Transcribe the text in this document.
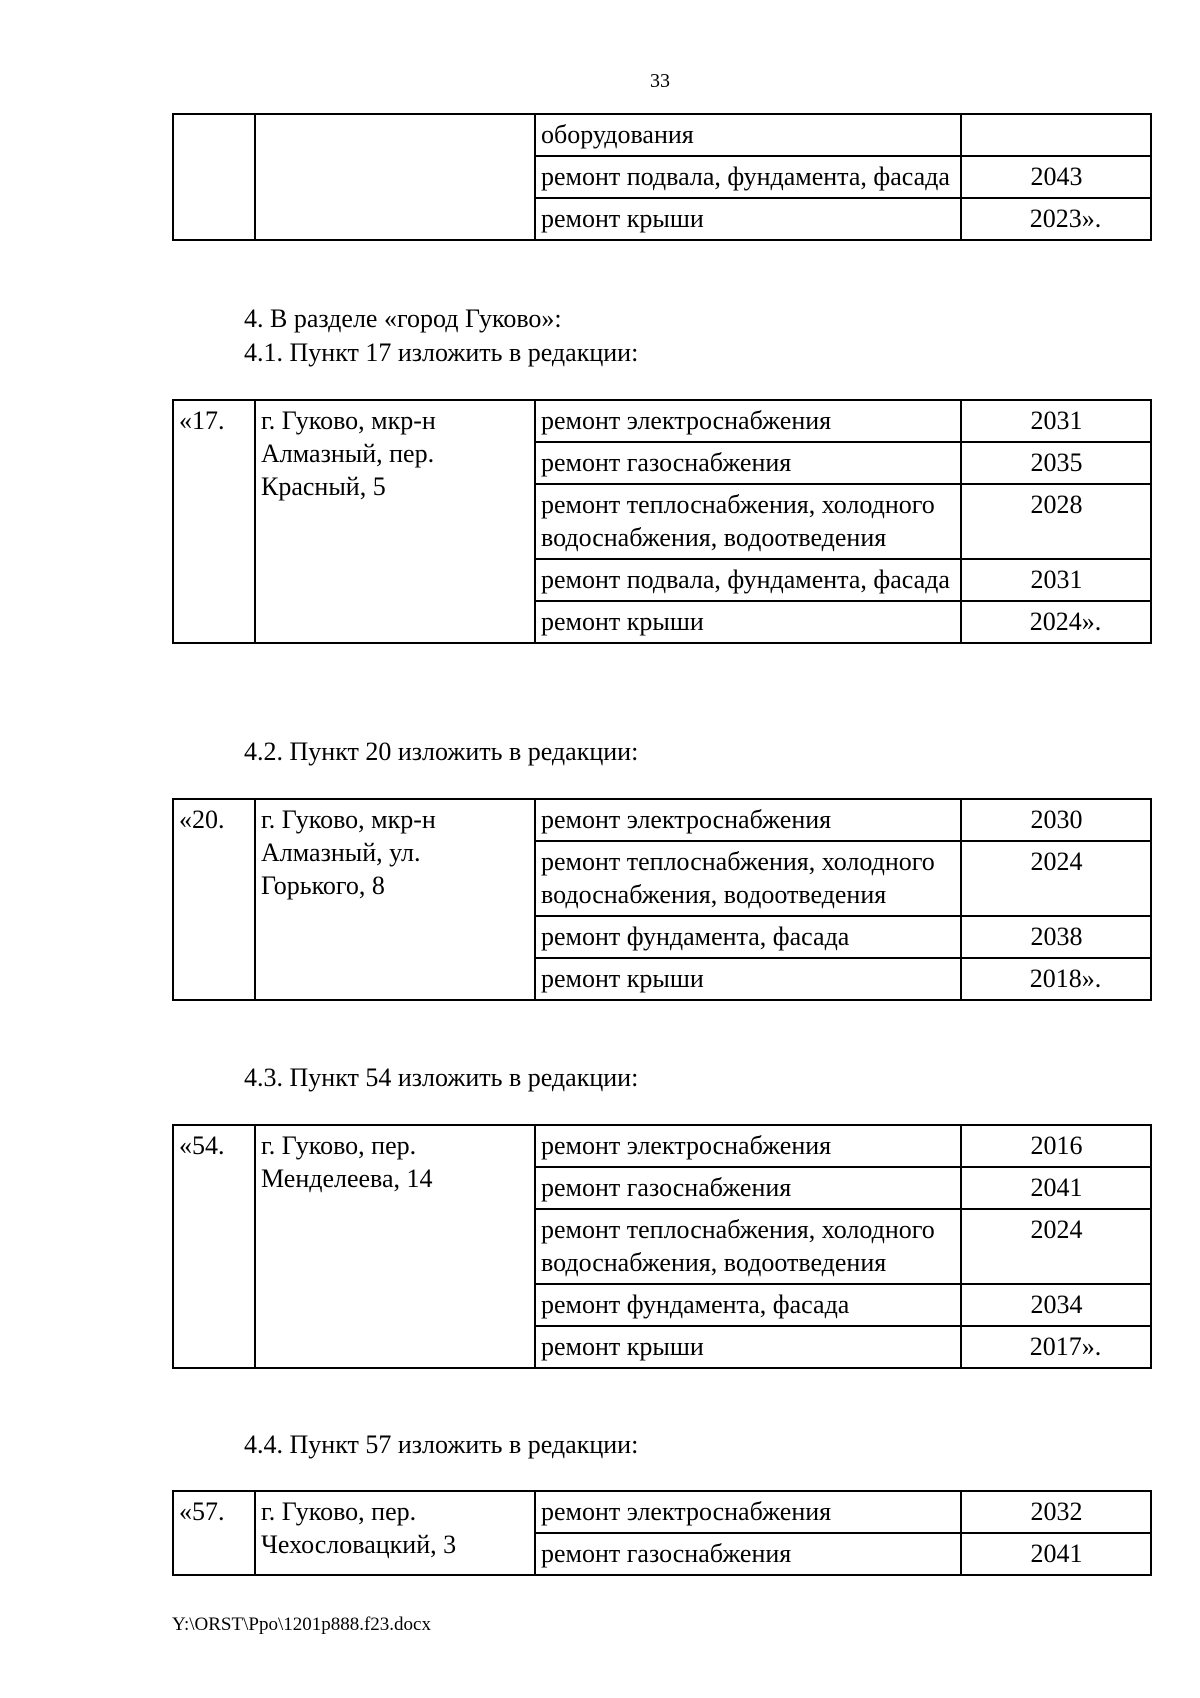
33
		оборудования	
		ремонт подвала, фундамента, фасада	2043
		ремонт крыши	2023».
4. В разделе «город Гуково»:
4.1. Пункт 17 изложить в редакции:
«17.	г. Гуково, мкр-н Алмазный, пер. Красный, 5	ремонт электроснабжения	2031
		ремонт газоснабжения	2035
		ремонт теплоснабжения, холодного водоснабжения, водоотведения	2028
		ремонт подвала, фундамента, фасада	2031
		ремонт крыши	2024».
4.2. Пункт 20 изложить в редакции:
«20.	г. Гуково, мкр-н Алмазный, ул. Горького, 8	ремонт электроснабжения	2030
		ремонт теплоснабжения, холодного водоснабжения, водоотведения	2024
		ремонт фундамента, фасада	2038
		ремонт крыши	2018».
4.3. Пункт 54 изложить в редакции:
«54.	г. Гуково, пер. Менделеева, 14	ремонт электроснабжения	2016
		ремонт газоснабжения	2041
		ремонт теплоснабжения, холодного водоснабжения, водоотведения	2024
		ремонт фундамента, фасада	2034
		ремонт крыши	2017».
4.4. Пункт 57 изложить в редакции:
«57.	г. Гуково, пер. Чехословацкий, 3	ремонт электроснабжения	2032
		ремонт газоснабжения	2041
Y:\ORST\Ppo\1201p888.f23.docx
